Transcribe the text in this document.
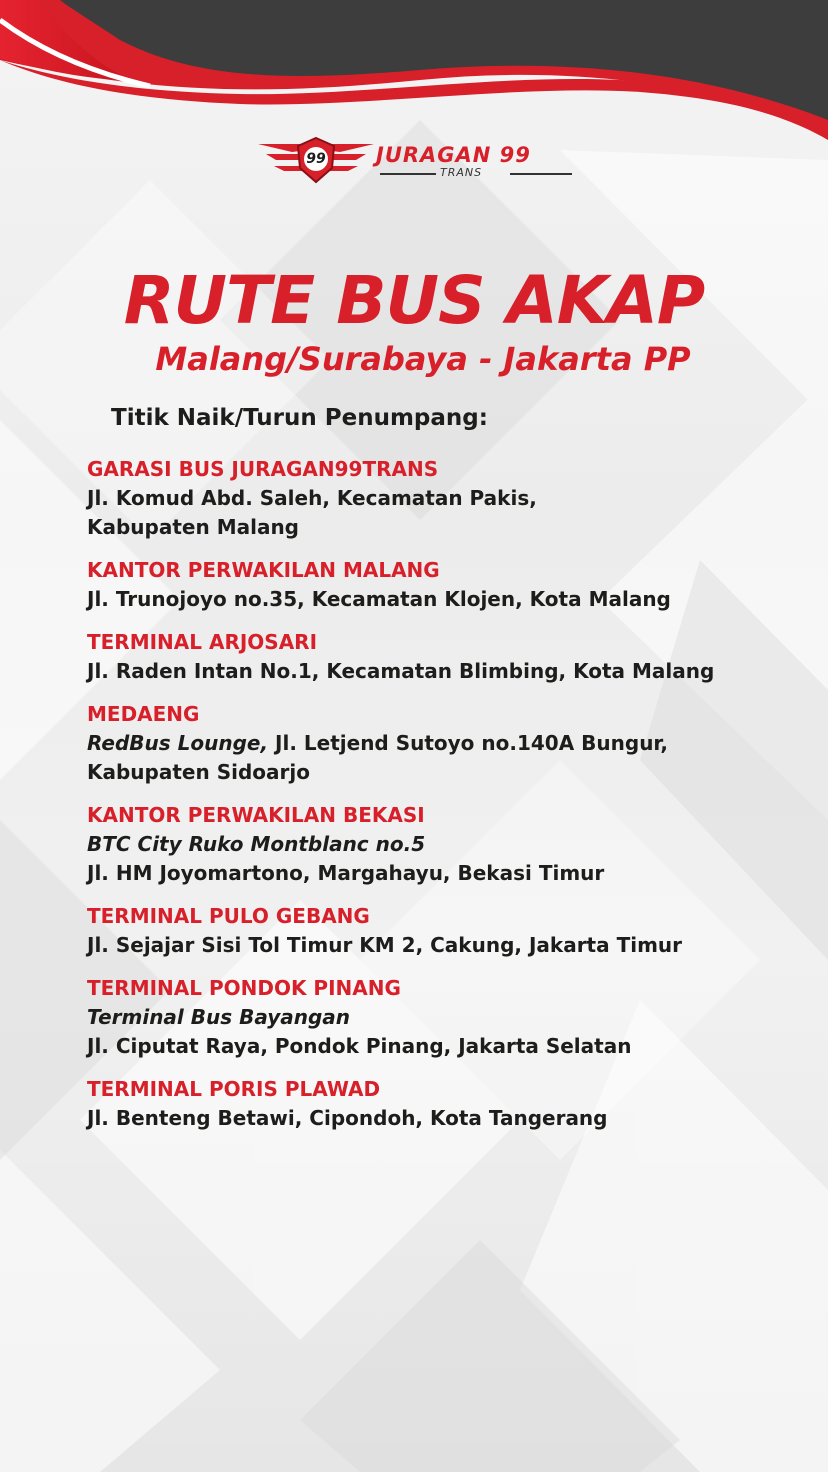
JURAGAN 99
TRANS
99
RUTE BUS AKAP
Malang/Surabaya - Jakarta PP
Titik Naik/Turun Penumpang:
GARASI BUS JURAGAN99TRANS
Jl. Komud Abd. Saleh, Kecamatan Pakis,
Kabupaten Malang
KANTOR PERWAKILAN MALANG
Jl. Trunojoyo no.35, Kecamatan Klojen, Kota Malang
TERMINAL ARJOSARI
Jl. Raden Intan No.1, Kecamatan Blimbing, Kota Malang
MEDAENG
RedBus Lounge, Jl. Letjend Sutoyo no.140A Bungur,
Kabupaten Sidoarjo
KANTOR PERWAKILAN BEKASI
BTC City Ruko Montblanc no.5
Jl. HM Joyomartono, Margahayu, Bekasi Timur
TERMINAL PULO GEBANG
Jl. Sejajar Sisi Tol Timur KM 2, Cakung, Jakarta Timur
TERMINAL PONDOK PINANG
Terminal Bus Bayangan
Jl. Ciputat Raya, Pondok Pinang, Jakarta Selatan
TERMINAL PORIS PLAWAD
Jl. Benteng Betawi, Cipondoh, Kota Tangerang
